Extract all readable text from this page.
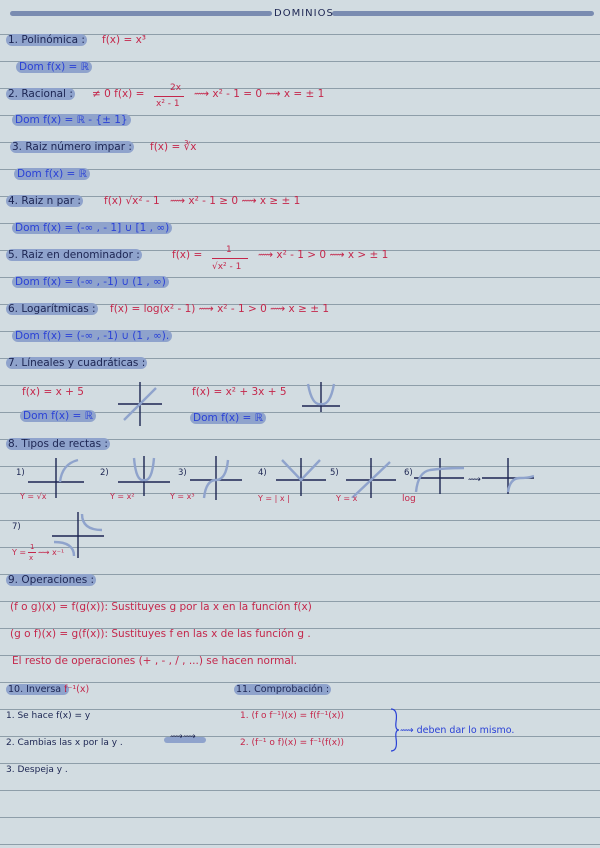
DOMINIOS
1. Polinómica : f(x) = x³
Dom f(x) = ℝ
2. Racional : ≠ 0 f(x) =	2x
x² - 1
⟿ x² - 1 = 0 ⟿ x = ± 1
Dom f(x) = ℝ - {± 1}
3. Raiz número impar : f(x) = ∛x
Dom f(x) = ℝ
4. Raiz n par : f(x) √x² - 1 ⟿ x² - 1 ≥ 0 ⟿ x ≥ ± 1
Dom f(x) = (-∞ , - 1] ∪ [1 , ∞)
5. Raiz en denominador :	f(x) =	1
√x² - 1
⟿ x² - 1 > 0 ⟿ x > ± 1
Dom f(x) = (-∞ , -1) ∪ (1 , ∞)
6. Logarítmicas : f(x) = log(x² - 1) ⟿ x² - 1 > 0 ⟿ x ≥ ± 1
Dom f(x) = (-∞ , -1) ∪ (1 , ∞).
7. Líneales y cuadráticas :
f(x) = x + 5
Dom f(x) = ℝ
f(x) = x² + 3x + 5
Dom f(x) = ℝ
8. Tipos de rectas :
1)
Y = √x
2)
Y = x²
3)
Y = x³
4)
Y = | x |
5)
Y = x
6)
log
⟿
7)
Y =
1
x
⟿ x⁻¹
9. Operaciones :
(f o g)(x) = f(g(x)): Sustituyes g por la x en la función f(x)
(g o f)(x) = g(f(x)): Sustituyes f en las x de las función g .
El resto de operaciones (+ , - , / , ...) se hacen normal.
10. Inversa :
f⁻¹(x)
1. Se hace f(x) = y
2. Cambias las x por la y .
⟿⟿
3. Despeja y .
11. Comprobación :
1. (f o f⁻¹)(x) = f(f⁻¹(x))
2. (f⁻¹ o f)(x) = f⁻¹(f(x))
⟿ deben dar lo mismo.
